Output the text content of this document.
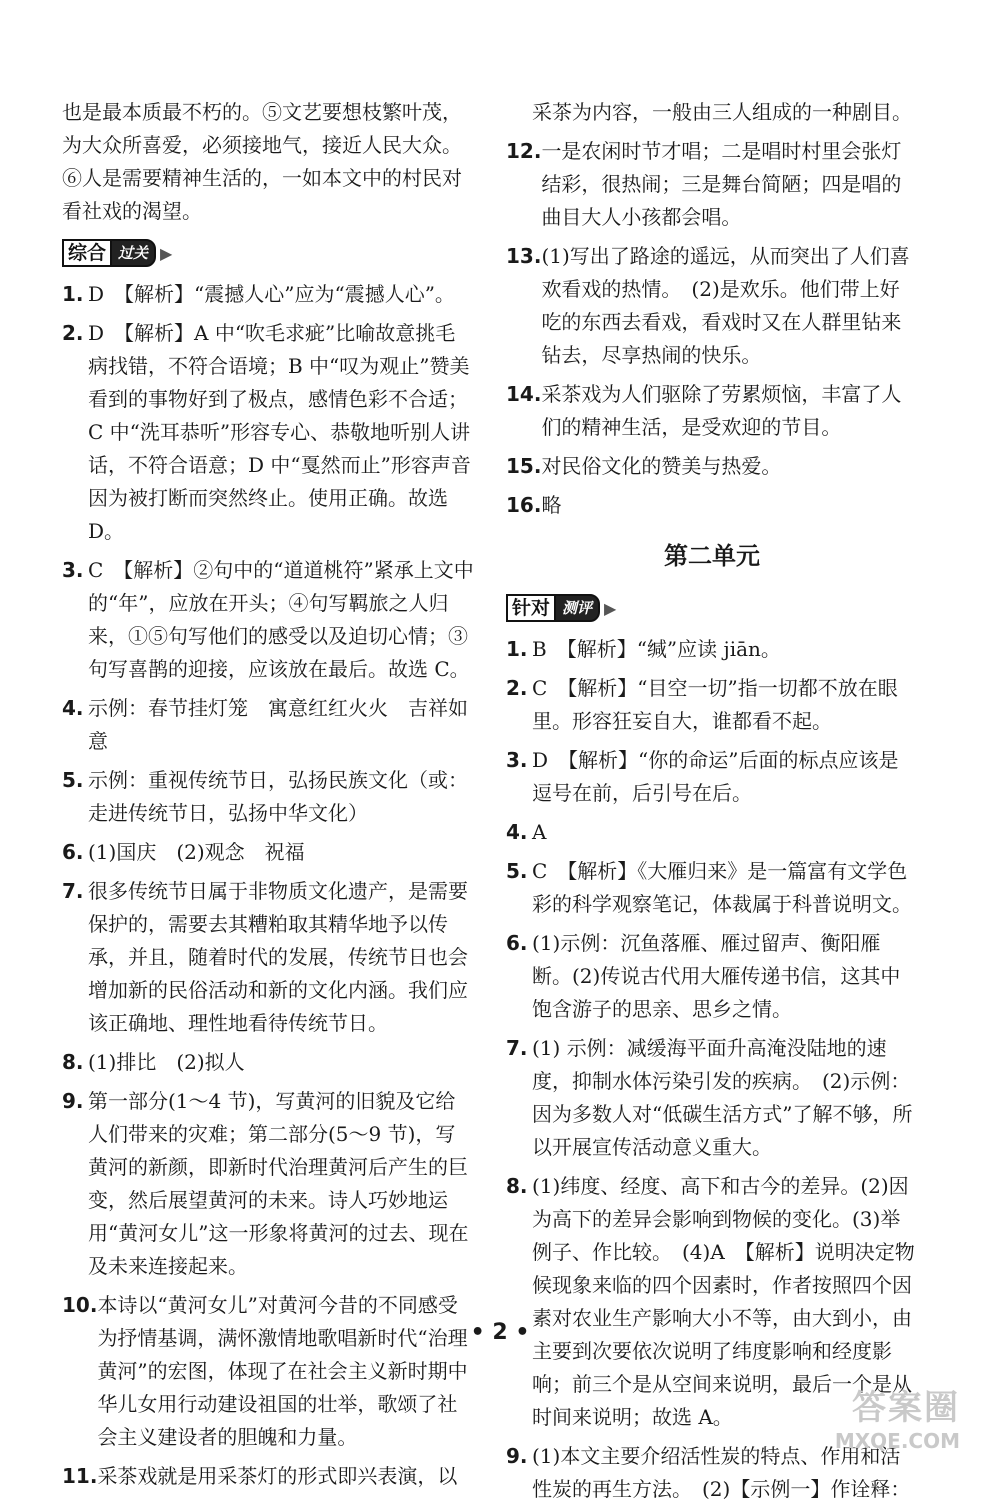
也是最本质最不朽的。⑤文艺要想枝繁叶茂，为大众所喜爱，必须接地气，接近人民大众。⑥人是需要精神生活的，一如本文中的村民对看社戏的渴望。

综合 过关 ▶
1. D　【解析】“震撼人心”应为“震撼人心”。
2. D　【解析】A 中“吹毛求疵”比喻故意挑毛病找错，不符合语境；B 中“叹为观止”赞美看到的事物好到了极点，感情色彩不合适；C 中“洗耳恭听”形容专心、恭敬地听别人讲话，不符合语意；D 中“戛然而止”形容声音因为被打断而突然终止。使用正确。故选 D。
3. C　【解析】②句中的“道道桃符”紧承上文中的“年”，应放在开头；④句写羁旅之人归来，①⑤句写他们的感受以及迫切心情；③句写喜鹊的迎接，应该放在最后。故选 C。
4. 示例：春节挂灯笼　寓意红红火火　吉祥如意
5. 示例：重视传统节日，弘扬民族文化（或：走进传统节日，弘扬中华文化）
6. (1)国庆　(2)观念　祝福
7. 很多传统节日属于非物质文化遗产，是需要保护的，需要去其糟粕取其精华地予以传承，并且，随着时代的发展，传统节日也会增加新的民俗活动和新的文化内涵。我们应该正确地、理性地看待传统节日。
8. (1)排比　(2)拟人
9. 第一部分(1～4 节)，写黄河的旧貌及它给人们带来的灾难；第二部分(5～9 节)，写黄河的新颜，即新时代治理黄河后产生的巨变，然后展望黄河的未来。诗人巧妙地运用“黄河女儿”这一形象将黄河的过去、现在及未来连接起来。
10. 本诗以“黄河女儿”对黄河今昔的不同感受为抒情基调，满怀激情地歌唱新时代“治理黄河”的宏图，体现了在社会主义新时期中华儿女用行动建设祖国的壮举，歌颂了社会主义建设者的胆魄和力量。
11. 采茶戏就是用采茶灯的形式即兴表演，以
采茶为内容，一般由三人组成的一种剧目。
12. 一是农闲时节才唱；二是唱时村里会张灯结彩，很热闹；三是舞台简陋；四是唱的曲目大人小孩都会唱。
13. (1)写出了路途的遥远，从而突出了人们喜欢看戏的热情。　(2)是欢乐。他们带上好吃的东西去看戏，看戏时又在人群里钻来钻去，尽享热闹的快乐。
14. 采茶戏为人们驱除了劳累烦恼，丰富了人们的精神生活，是受欢迎的节目。
15. 对民俗文化的赞美与热爱。
16. 略
第二单元
针对 测评 ▶
1. B　【解析】“缄”应读 jiān。
2. C　【解析】“目空一切”指一切都不放在眼里。形容狂妄自大，谁都看不起。
3. D　【解析】“你的命运”后面的标点应该是逗号在前，后引号在后。
4. A
5. C　【解析】《大雁归来》是一篇富有文学色彩的科学观察笔记，体裁属于科普说明文。
6. (1)示例：沉鱼落雁、雁过留声、衡阳雁断。(2)传说古代用大雁传递书信，这其中饱含游子的思亲、思乡之情。
7. (1) 示例：减缓海平面升高淹没陆地的速度，抑制水体污染引发的疾病。　(2)示例：因为多数人对“低碳生活方式”了解不够，所以开展宣传活动意义重大。
8. (1)纬度、经度、高下和古今的差异。(2)因为高下的差异会影响到物候的变化。(3)举例子、作比较。　(4)A　【解析】说明决定物候现象来临的四个因素时，作者按照四个因素对农业生产影响大小不等，由大到小，由主要到次要依次说明了纬度影响和经度影响；前三个是从空间来说明，最后一个是从时间来说明；故选 A。
9. (1)本文主要介绍活性炭的特点、作用和活性炭的再生方法。　(2)【示例一】作诠释：
• 2 •
答案圈
MXQE.COM
